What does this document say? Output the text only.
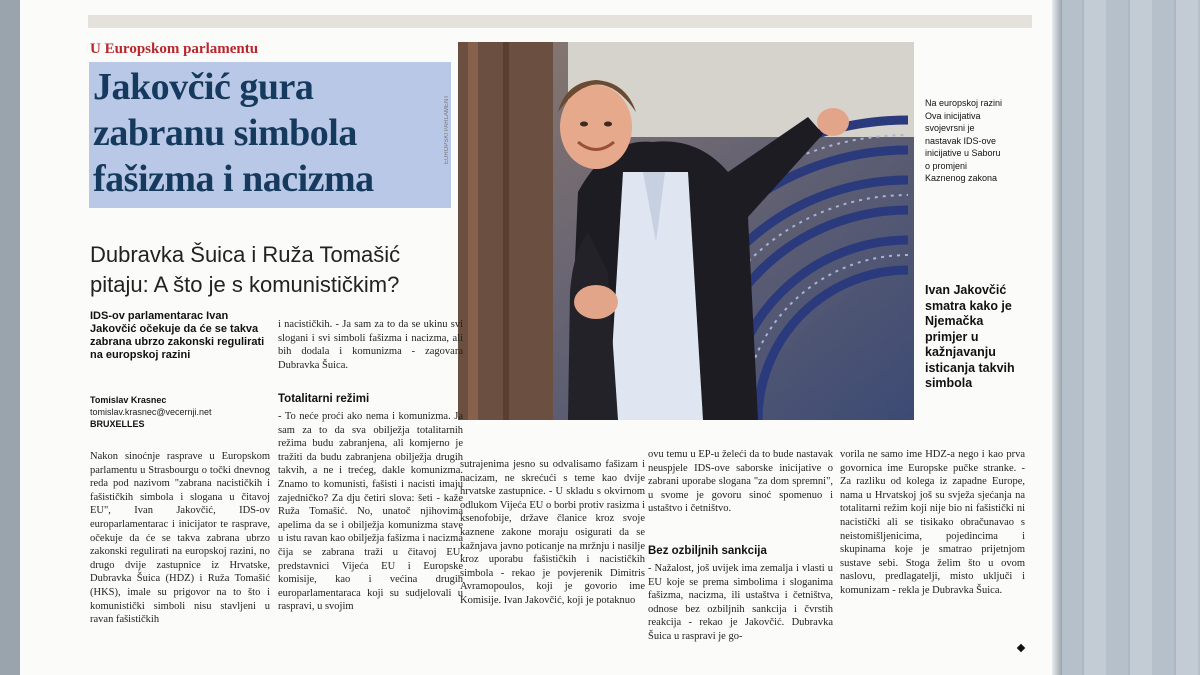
U Europskom parlamentu
Jakovčić gura zabranu simbola fašizma i nacizma
Dubravka Šuica i Ruža Tomašić pitaju: A što je s komunističkim?
EUROPSKI PARLAMENT	Na europskoj razini Ova inicijativa svojevrsni je nastavak IDS-ove inicijative u Saboru o promjeni Kaznenog zakona
Ivan Jakovčić smatra kako je Njemačka primjer u kažnjavanju isticanja takvih simbola
IDS-ov parlamentarac Ivan Jakovčić očekuje da će se takva zabrana ubrzo zakonski regulirati na europskoj razini
Tomislav Krasnec
tomislav.krasnec@vecernji.net
BRUXELLES

Nakon sinoćnje rasprave u Europskom parlamentu u Strasbourgu o točki dnevnog reda pod nazivom "zabrana nacističkih i fašističkih simbola i slogana u čitavoj EU", Ivan Jakovčić, IDS-ov europarlamentarac i inicijator te rasprave, očekuje da će se takva zabrana ubrzo zakonski regulirati na europskoj razini, no drugo dvije zastupnice iz Hrvatske, Dubravka Šuica (HDZ) i Ruža Tomašić (HKS), imale su prigovor na to što i komunistički simboli nisu stavljeni u ravan fašističkih

i nacističkih. - Ja sam za to da se ukinu svi slogani i svi simboli fašizma i nacizma, ali bih dodala i komunizma - zagovara Dubravka Šuica.

Totalitarni režimi

- To neće proći ako nema i komunizma. Ja sam za to da sva obilježja totalitarnih režima budu zabranjena, ali komjerno je tražiti da budu zabranjena obilježja drugih takvih, a ne i trećeg, dakle komunizma. Znamo to komunisti, fašisti i nacisti imaju zajedničko? Za dju četiri slova: šeti - kaže Ruža Tomašić. No, unatoč njihovima apelima da se i obilježja komunizma stave u istu ravan kao obilježja fašizma i nacizma čija se zabrana traži u čitavoj EU, predstavnici Vijeća EU i Europske komisije, kao i većina drugih europarlamentaraca koji su sudjelovali u raspravi, u svojim

sutrajenima jesno su odvalisamo fašizam i nacizam, ne skrećući s teme kao dvije hrvatske zastupnice. - U skladu s okvirnom odlukom Vijeća EU o borbi protiv rasizma i ksenofobije, države članice kroz svoje kaznene zakone moraju osigurati da se kažnjava javno poticanje na mržnju i nasilje kroz uporabu fašističkih i nacističkih simbola - rekao je povjerenik Dimitris Avramopoulos, koji je govorio ime Komisije. Ivan Jakovčić, koji je potaknuo

ovu temu u EP-u želeći da to bude nastavak neuspjele IDS-ove saborske inicijative o zabrani uporabe slogana "za dom spremni", u svome je govoru sinoć spomenuo i ustaštvo i četništvo.

Bez ozbiljnih sankcija

- Nažalost, još uvijek ima zemalja i vlasti u EU koje se prema simbolima i sloganima fašizma, nacizma, ili ustaštva i četništva, odnose bez ozbiljnih sankcija i čvrstih reakcija - rekao je Jakovčić. Dubravka Šuica u raspravi je go-

vorila ne samo ime HDZ-a nego i kao prva govornica ime Europske pučke stranke. - Za razliku od kolega iz zapadne Europe, nama u Hrvatskoj još su svježa sjećanja na totalitarni režim koji nije bio ni fašistički ni nacistički ali se tisikako obračunavao s neistomišljenicima, pojedincima i skupinama koje je smatrao prijetnjom sustave sebi. Stoga želim što u ovom naslovu, predlagatelji, misto uključi i komunizam - rekla je Dubravka Šuica.
